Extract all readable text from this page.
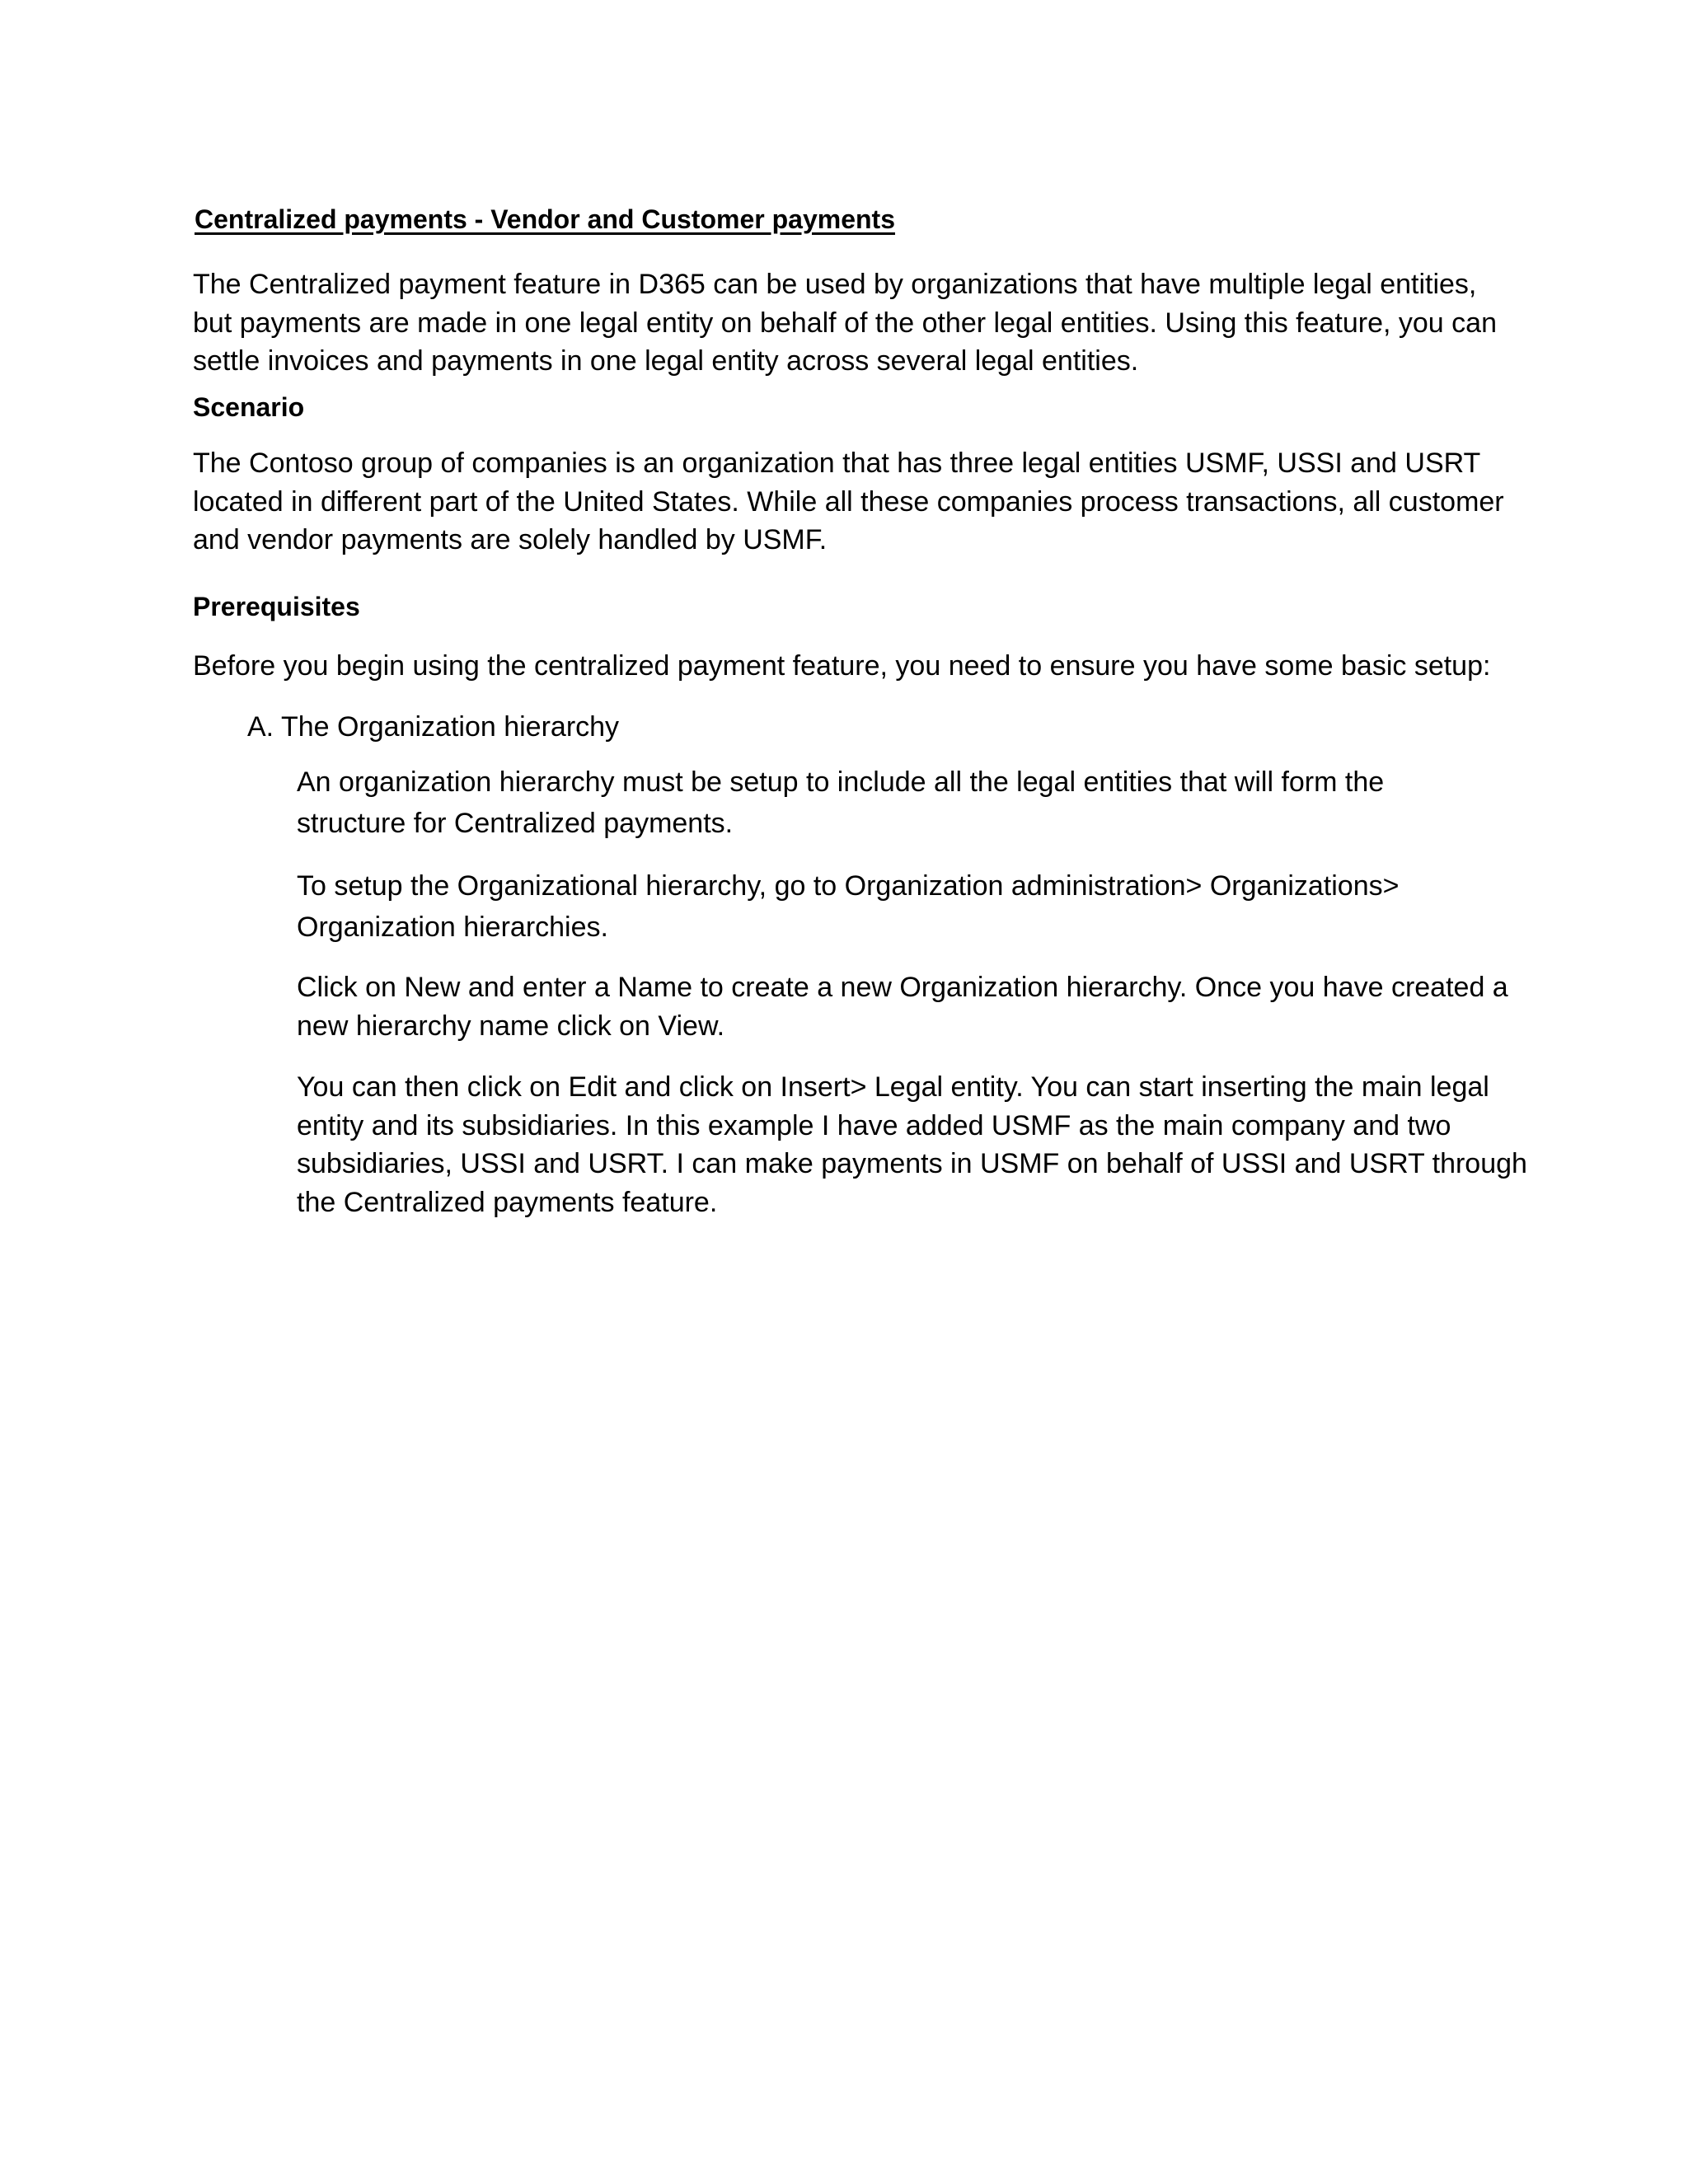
Centralized payments - Vendor and Customer payments
The Centralized payment feature in D365 can be used by organizations that have multiple legal entities,
but payments are made in one legal entity on behalf of the other legal entities. Using this feature, you can
settle invoices and payments in one legal entity across several legal entities.
Scenario
The Contoso group of companies is an organization that has three legal entities USMF, USSI and USRT
located in different part of the United States. While all these companies process transactions, all customer
and vendor payments are solely handled by USMF.
Prerequisites
Before you begin using the centralized payment feature, you need to ensure you have some basic setup:
A. The Organization hierarchy
An organization hierarchy must be setup to include all the legal entities that will form the
structure for Centralized payments.
To setup the Organizational hierarchy, go to Organization administration> Organizations>
Organization hierarchies.
Click on New and enter a Name to create a new Organization hierarchy. Once you have created a
new hierarchy name click on View.
You can then click on Edit and click on Insert> Legal entity. You can start inserting the main legal
entity and its subsidiaries. In this example I have added USMF as the main company and two
subsidiaries, USSI and USRT. I can make payments in USMF on behalf of USSI and USRT through
the Centralized payments feature.
